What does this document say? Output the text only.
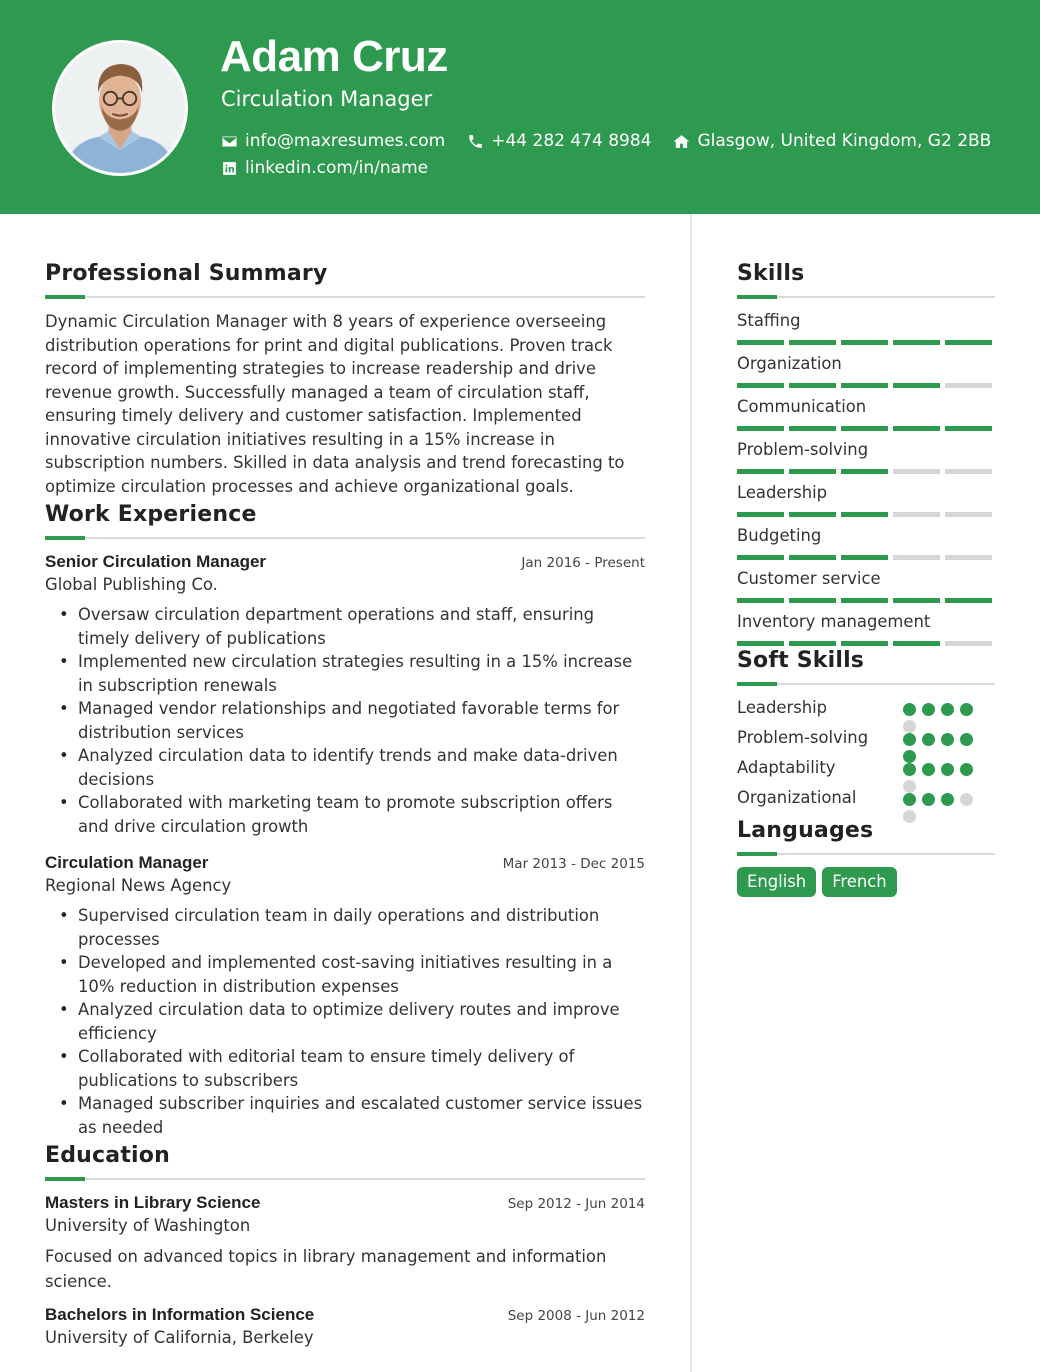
Adam Cruz
Circulation Manager
info@maxresumes.com	+44 282 474 8984	Glasgow, United Kingdom, G2 2BB
linkedin.com/in/name
Professional Summary

Dynamic Circulation Manager with 8 years of experience overseeing distribution operations for print and digital publications. Proven track record of implementing strategies to increase readership and drive revenue growth. Successfully managed a team of circulation staff, ensuring timely delivery and customer satisfaction. Implemented innovative circulation initiatives resulting in a 15% increase in subscription numbers. Skilled in data analysis and trend forecasting to optimize circulation processes and achieve organizational goals.

Work Experience
Senior Circulation Manager	Jan 2016 - Present
Global Publishing Co.
• Oversaw circulation department operations and staff, ensuring timely delivery of publications
• Implemented new circulation strategies resulting in a 15% increase in subscription renewals
• Managed vendor relationships and negotiated favorable terms for distribution services
• Analyzed circulation data to identify trends and make data-driven decisions
• Collaborated with marketing team to promote subscription offers and drive circulation growth
Circulation Manager	Mar 2013 - Dec 2015
Regional News Agency
• Supervised circulation team in daily operations and distribution processes
• Developed and implemented cost-saving initiatives resulting in a 10% reduction in distribution expenses
• Analyzed circulation data to optimize delivery routes and improve efficiency
• Collaborated with editorial team to ensure timely delivery of publications to subscribers
• Managed subscriber inquiries and escalated customer service issues as needed
Education
Masters in Library Science	Sep 2012 - Jun 2014
University of Washington

Focused on advanced topics in library management and information science.

Bachelors in Information Science	Sep 2008 - Jun 2012
University of California, Berkeley
Skills
Staffing
Organization
Communication
Problem-solving
Leadership
Budgeting
Customer service
Inventory management
Soft Skills
Leadership
Problem-solving
Adaptability
Organizational
Languages
English	French
